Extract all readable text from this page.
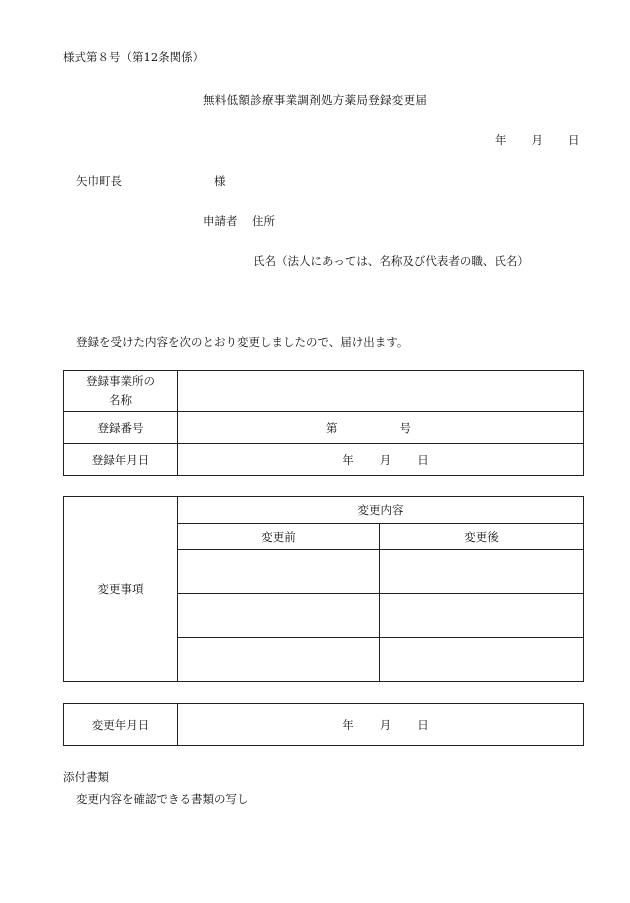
様式第８号（第12条関係）
無料低額診療事業調剤処方薬局登録変更届
年 月 日
矢巾町長	様
申請者 住所
氏名（法人にあっては、名称及び代表者の職、氏名）
登録を受けた内容を次のとおり変更しましたので、届け出ます。
登録事業所の
名称	

登録番号	第 号
登録年月日	年 月 日
変更事項	変更内容	
	変更前	変更後

変更年月日	年 月 日
添付書類
変更内容を確認できる書類の写し
